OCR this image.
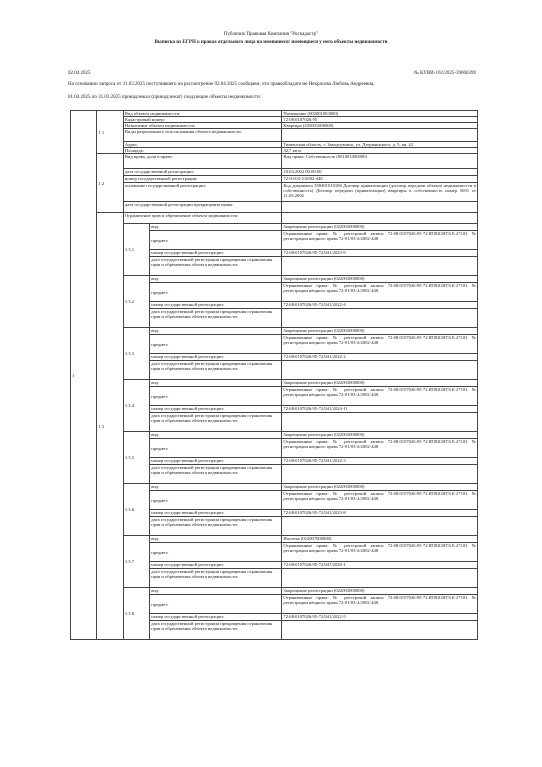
Публично Правовая Компания "Роскадастр"
Выписка из ЕГРН о правах отдельного лица на имевшиеся/ имеющиеся у него объекты недвижимости
02.04.2025	№ КУВИ-102/2025-39060399
На основании запроса от 31.03.2025 поступившего на рассмотрение 02.04.2025 сообщаем, что правообладателю Некрасова Любовь Андреевна,
01.04.2025 по 31.03.2025 принадлежал (принадлежат) следующие объекты недвижимости:
1	1.1	Вид объекта недвижимости:		Помещение (002001003000)
		Кадастровый номер:		72:08:0107026:95
		Назначение объекта недвижимости:		Квартира (205001000000)
		Виды разрешенного использования объекта недвижимости:		
		Адрес:		Тюменская область, г. Заводоуковск, ул. Дзержинского, д. 5, кв. 42
		Площадь:		32,7 кв.м
	1.2	Вид права, доля в праве:		Вид права: Собственность (001001000000)
		дата государственной регистрации:		10.04.2002 00:00:00
		номер государственной регистрации:		72-01/03-2/2002-448
		основание государственной регистрации:		Код документа 558401010106 Договор приватизации (договор передачи объекта недвижимости в собственность) Договор передачи (приватизации) квартиры в собственность номер 5691 от 11.03.2002
		дата государственной регистрации прекращения права:		
	1.3	Ограничение прав и обременение объекта недвижимости:		
		1.3.1	вид:	Запрещение регистрации (022003000000)
			предмет:	Ограниченные права: № реестровой записи 72:08:0107026:95-72.RTRIGHTS.E.27103 № регистрации вещного права 72-01/03-2/2002-448
			номер государственной регистрации:	72:08:0107026:95-72/041/2023-9
			дата государственной регистрации прекращения ограничения прав и обременения объекта недвижимости:	
		1.3.2	вид:	Запрещение регистрации (022003000000)
			предмет:	Ограниченные права: № реестровой записи 72:08:0107026:95-72.RTRIGHTS.E.27103 № регистрации вещного права 72-01/03-2/2002-448
			номер государственной регистрации:	72:08:0107026:95-72/041/2022-4
			дата государственной регистрации прекращения ограничения прав и обременения объекта недвижимости:	
		1.3.3	вид:	Запрещение регистрации (022003000000)
			предмет:	Ограниченные права: № реестровой записи 72:08:0107026:95-72.RTRIGHTS.E.27103 № регистрации вещного права 72-01/03-2/2002-448
			номер государственной регистрации:	72:08:0107026:95-72/041/2022-2
			дата государственной регистрации прекращения ограничения прав и обременения объекта недвижимости:	
		1.3.4	вид:	Запрещение регистрации (022003000000)
			предмет:	Ограниченные права: № реестровой записи 72:08:0107026:95-72.RTRIGHTS.E.27103 № регистрации вещного права 72-01/03-2/2002-448
			номер государственной регистрации:	72:08:0107026:95-72/041/2024-11
			дата государственной регистрации прекращения ограничения прав и обременения объекта недвижимости:	
		1.3.5	вид:	Запрещение регистрации (022003000000)
			предмет:	Ограниченные права: № реестровой записи 72:08:0107026:95-72.RTRIGHTS.E.27103 № регистрации вещного права 72-01/03-2/2002-448
			номер государственной регистрации:	72:08:0107026:95-72/041/2022-3
			дата государственной регистрации прекращения ограничения прав и обременения объекта недвижимости:	
		1.3.6	вид:	Запрещение регистрации (022003000000)
			предмет:	Ограниченные права: № реестровой записи 72:08:0107026:95-72.RTRIGHTS.E.27103 № регистрации вещного права 72-01/03-2/2002-448
			номер государственной регистрации:	72:08:0107026:95-72/041/2023-8
			дата государственной регистрации прекращения ограничения прав и обременения объекта недвижимости:	
		1.3.7	вид:	Ипотека (022007000000)
			предмет:	Ограниченные права: № реестровой записи 72:08:0107026:95-72.RTRIGHTS.E.27103 № регистрации вещного права 72-01/03-2/2002-448
			номер государственной регистрации:	72:08:0107026:95-72/047/2020-1
			дата государственной регистрации прекращения ограничения прав и обременения объекта недвижимости:	
		1.3.8	вид:	Запрещение регистрации (022003000000)
			предмет:	Ограниченные права: № реестровой записи 72:08:0107026:95-72.RTRIGHTS.E.27103 № регистрации вещного права 72-01/03-2/2002-448
			номер государственной регистрации:	72:08:0107026:95-72/041/2022-5
			дата государственной регистрации прекращения ограничения прав и обременения объекта недвижимости:	
